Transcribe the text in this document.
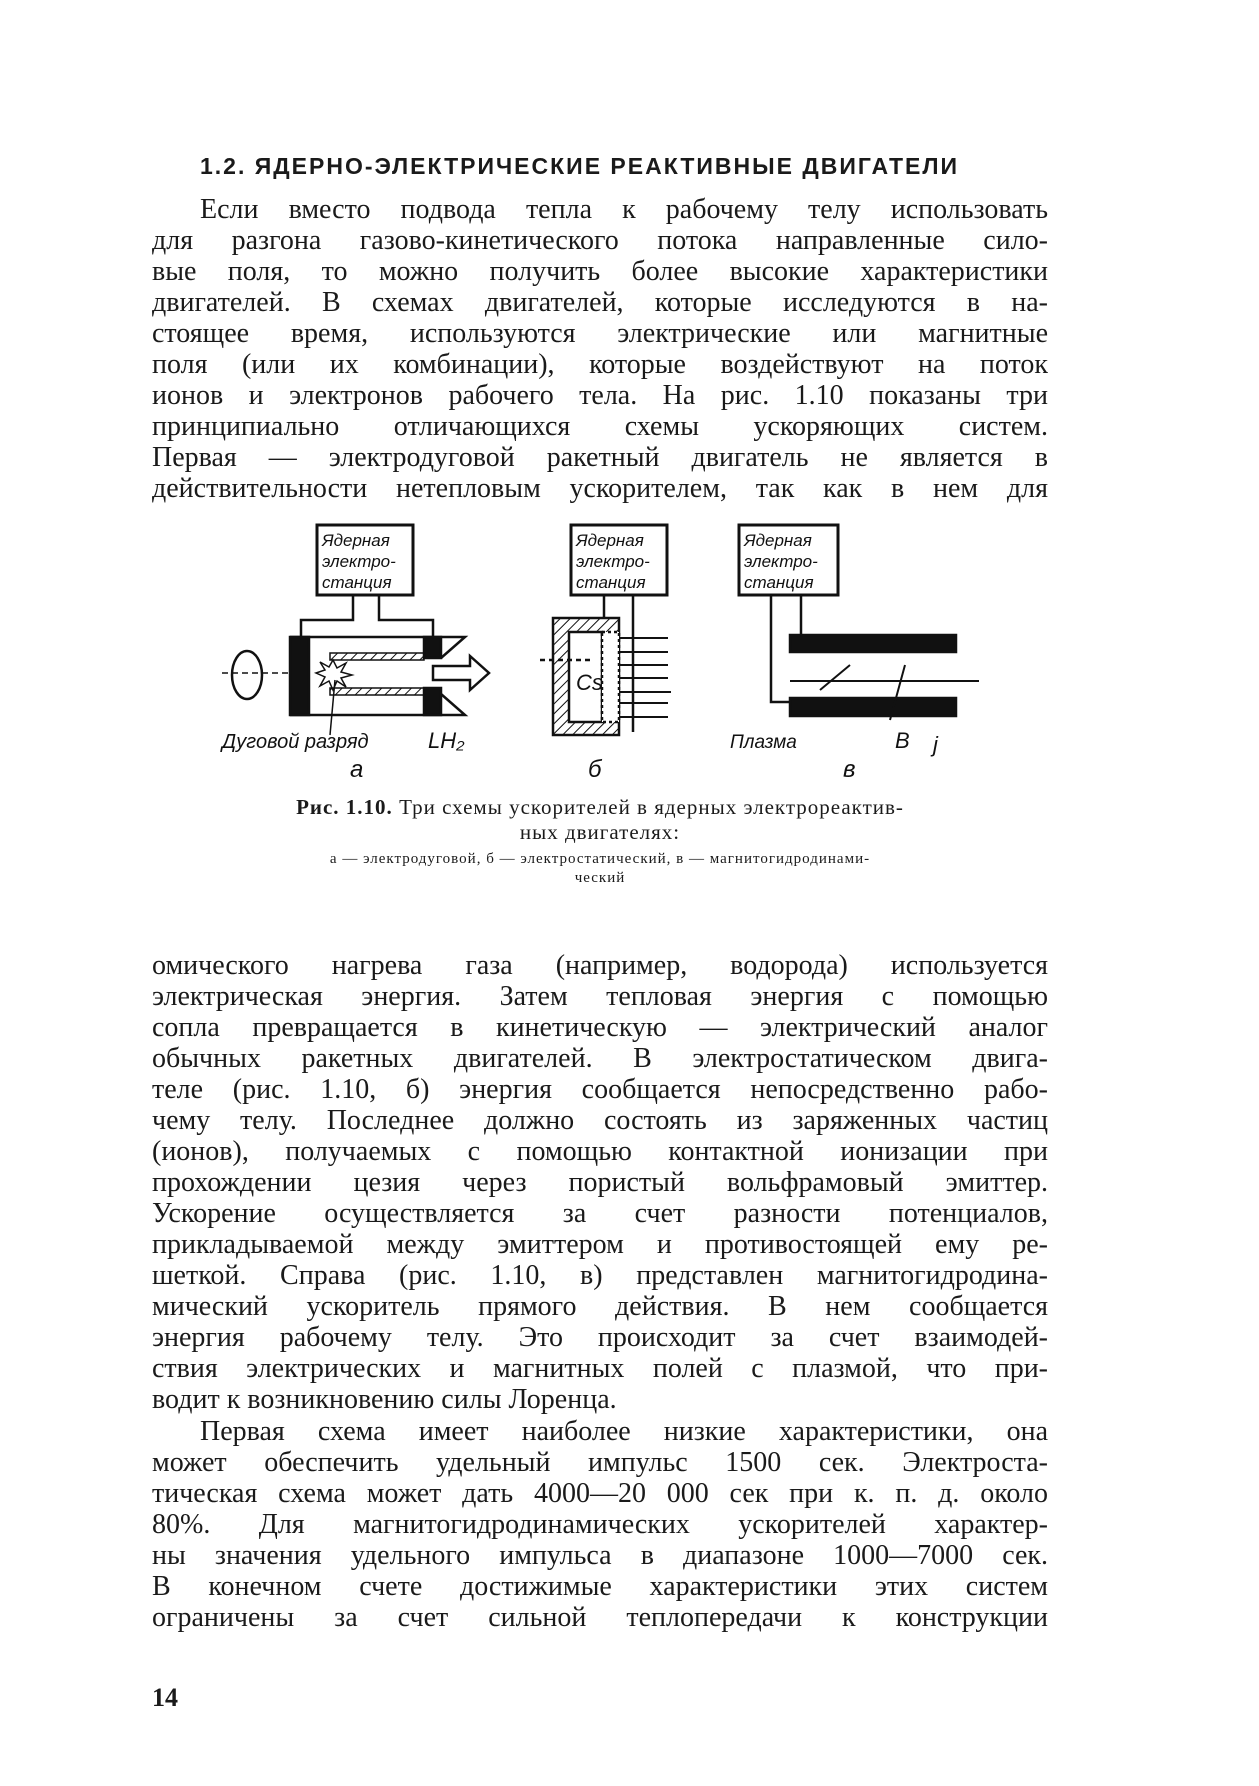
1.2. ЯДЕРНО-ЭЛЕКТРИЧЕСКИЕ РЕАКТИВНЫЕ ДВИГАТЕЛИ
Если вместо подвода тепла к рабочему телу использовать
для разгона газово-кинетического потока направленные сило-
вые поля, то можно получить более высокие характеристики
двигателей. В схемах двигателей, которые исследуются в на-
стоящее время, используются электрические или магнитные
поля (или их комбинации), которые воздействуют на поток
ионов и электронов рабочего тела. На рис. 1.10 показаны три
принципиально отличающихся схемы ускоряющих систем.
Первая — электродуговой ракетный двигатель не является в
действительности нетепловым ускорителем, так как в нем для
Ядерная
электро-
станция
Дуговой разряд	LH₂
а
Ядерная
электро-
станция
Cs
б
Ядерная
электро-
станция
Плазма	B j
в
Рис. 1.10. Три схемы ускорителей в ядерных электрореактив-
ных двигателях:
а — электродуговой, б — электростатический, в — магнитогидродинами-
ческий
омического нагрева газа (например, водорода) используется
электрическая энергия. Затем тепловая энергия с помощью
сопла превращается в кинетическую — электрический аналог
обычных ракетных двигателей. В электростатическом двига-
теле (рис. 1.10, б) энергия сообщается непосредственно рабо-
чему телу. Последнее должно состоять из заряженных частиц
(ионов), получаемых с помощью контактной ионизации при
прохождении цезия через пористый вольфрамовый эмиттер.
Ускорение осуществляется за счет разности потенциалов,
прикладываемой между эмиттером и противостоящей ему ре-
шеткой. Справа (рис. 1.10, в) представлен магнитогидродина-
мический ускоритель прямого действия. В нем сообщается
энергия рабочему телу. Это происходит за счет взаимодей-
ствия электрических и магнитных полей с плазмой, что при-
водит к возникновению силы Лоренца.
Первая схема имеет наиболее низкие характеристики, она
может обеспечить удельный импульс 1500 сек. Электроста-
тическая схема может дать 4000—20 000 сек при к. п. д. около
80%. Для магнитогидродинамических ускорителей характер-
ны значения удельного импульса в диапазоне 1000—7000 сек.
В конечном счете достижимые характеристики этих систем
ограничены за счет сильной теплопередачи к конструкции
14
